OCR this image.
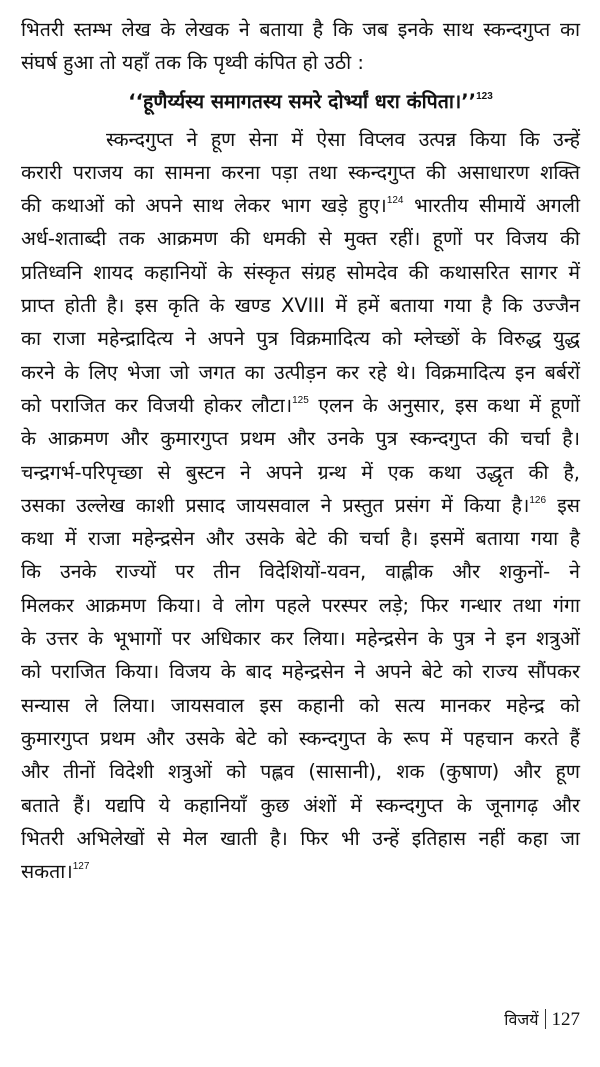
भितरी स्तम्भ लेख के लेखक ने बताया है कि जब इनके साथ स्कन्दगुप्त का
संघर्ष हुआ तो यहाँ तक कि पृथ्वी कंपित हो उठी :
‘‘हूणैर्य्यस्य समागतस्य समरे दोर्भ्यां धरा कंपिता।’’$^{123}$
स्कन्दगुप्त ने हूण सेना में ऐसा विप्लव उत्पन्न किया कि उन्हें
करारी पराजय का सामना करना पड़ा तथा स्कन्दगुप्त की असाधारण शक्ति
की कथाओं को अपने साथ लेकर भाग खड़े हुए।$^{124}$ भारतीय सीमायें अगली
अर्ध-शताब्दी तक आक्रमण की धमकी से मुक्त रहीं। हूणों पर विजय की
प्रतिध्वनि शायद कहानियों के संस्कृत संग्रह सोमदेव की कथासरित सागर में
प्राप्त होती है। इस कृति के खण्ड XVIII में हमें बताया गया है कि उज्जैन
का राजा महेन्द्रादित्य ने अपने पुत्र विक्रमादित्य को म्लेच्छों के विरुद्ध युद्ध
करने के लिए भेजा जो जगत का उत्पीड़न कर रहे थे। विक्रमादित्य इन बर्बरों
को पराजित कर विजयी होकर लौटा।$^{125}$ एलन के अनुसार, इस कथा में हूणों
के आक्रमण और कुमारगुप्त प्रथम और उनके पुत्र स्कन्दगुप्त की चर्चा है।
चन्द्रगर्भ-परिपृच्छा से बुस्टन ने अपने ग्रन्थ में एक कथा उद्धृत की है,
उसका उल्लेख काशी प्रसाद जायसवाल ने प्रस्तुत प्रसंग में किया है।$^{126}$ इस
कथा में राजा महेन्द्रसेन और उसके बेटे की चर्चा है। इसमें बताया गया है
कि उनके राज्यों पर तीन विदेशियों-यवन, वाह्लीक और शकुनों- ने
मिलकर आक्रमण किया। वे लोग पहले परस्पर लड़े; फिर गन्धार तथा गंगा
के उत्तर के भूभागों पर अधिकार कर लिया। महेन्द्रसेन के पुत्र ने इन शत्रुओं
को पराजित किया। विजय के बाद महेन्द्रसेन ने अपने बेटे को राज्य सौंपकर
सन्यास ले लिया। जायसवाल इस कहानी को सत्य मानकर महेन्द्र को
कुमारगुप्त प्रथम और उसके बेटे को स्कन्दगुप्त के रूप में पहचान करते हैं
और तीनों विदेशी शत्रुओं को पह्लव (सासानी), शक (कुषाण) और हूण
बताते हैं। यद्यपि ये कहानियाँ कुछ अंशों में स्कन्दगुप्त के जूनागढ़ और
भितरी अभिलेखों से मेल खाती है। फिर भी उन्हें इतिहास नहीं कहा जा
सकता।$^{127}$
विजयें 127
